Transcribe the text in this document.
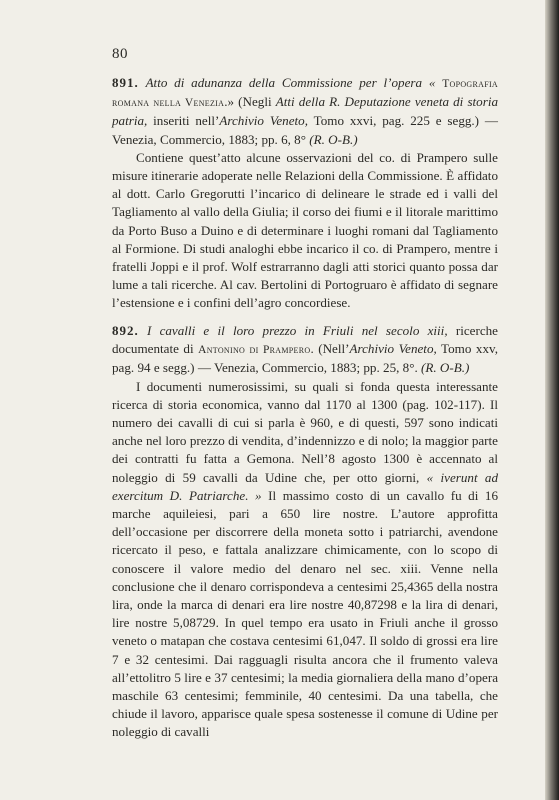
80

891. Atto di adunanza della Commissione per l’opera « Topografia romana nella Venezia.» (Negli Atti della R. Deputazione veneta di storia patria, inseriti nell’Archivio Veneto, Tomo xxvi, pag. 225 e segg.) — Venezia, Commercio, 1883; pp. 6, 8° (R. O-B.)

Contiene quest’atto alcune osservazioni del co. di Prampero sulle misure itinerarie adoperate nelle Relazioni della Commissione. È affidato al dott. Carlo Gregorutti l’incarico di delineare le strade ed i valli del Tagliamento al vallo della Giulia; il corso dei fiumi e il litorale marittimo da Porto Buso a Duino e di determinare i luoghi romani dal Tagliamento al Formione. Di studi analoghi ebbe incarico il co. di Prampero, mentre i fratelli Joppi e il prof. Wolf estrarranno dagli atti storici quanto possa dar lume a tali ricerche. Al cav. Bertolini di Portogruaro è affidato di segnare l’estensione e i confini dell’agro concordiese.

892. I cavalli e il loro prezzo in Friuli nel secolo xiii, ricerche documentate di Antonino di Prampero. (Nell’Archivio Veneto, Tomo xxv, pag. 94 e segg.) — Venezia, Commercio, 1883; pp. 25, 8°. (R. O-B.)

I documenti numerosissimi, su quali si fonda questa interessante ricerca di storia economica, vanno dal 1170 al 1300 (pag. 102-117). Il numero dei cavalli di cui si parla è 960, e di questi, 597 sono indicati anche nel loro prezzo di vendita, d’indennizzo e di nolo; la maggior parte dei contratti fu fatta a Gemona. Nell’8 agosto 1300 è accennato al noleggio di 59 cavalli da Udine che, per otto giorni, « iverunt ad exercitum D. Patriarche. » Il massimo costo di un cavallo fu di 16 marche aquileiesi, pari a 650 lire nostre. L’autore approfitta dell’occasione per discorrere della moneta sotto i patriarchi, avendone ricercato il peso, e fattala analizzare chimicamente, con lo scopo di conoscere il valore medio del denaro nel sec. xiii. Venne nella conclusione che il denaro corrispondeva a centesimi 25,4365 della nostra lira, onde la marca di denari era lire nostre 40,87298 e la lira di denari, lire nostre 5,08729. In quel tempo era usato in Friuli anche il grosso veneto o matapan che costava centesimi 61,047. Il soldo di grossi era lire 7 e 32 centesimi. Dai ragguagli risulta ancora che il frumento valeva all’ettolitro 5 lire e 37 centesimi; la media giornaliera della mano d’opera maschile 63 centesimi; femminile, 40 centesimi. Da una tabella, che chiude il lavoro, apparisce quale spesa sostenesse il comune di Udine per noleggio di cavalli
